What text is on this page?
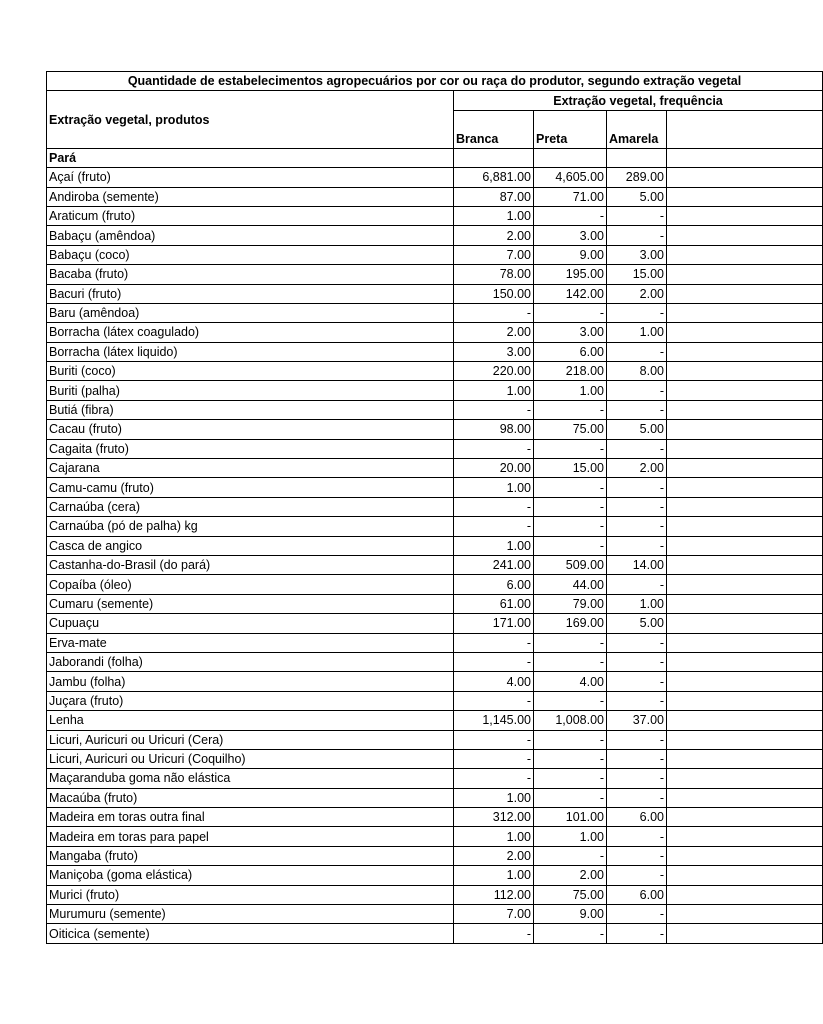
Quantidade de estabelecimentos agropecuários por cor ou raça do produtor, segundo extração vegetal				
Extração vegetal, produtos	Extração vegetal, frequência			
	Branca	Preta	Amarela	
Pará				
Açaí (fruto)	6,881.00	4,605.00	289.00	
Andiroba (semente)	87.00	71.00	5.00	
Araticum (fruto)	1.00	-	-	
Babaçu (amêndoa)	2.00	3.00	-	
Babaçu (coco)	7.00	9.00	3.00	
Bacaba (fruto)	78.00	195.00	15.00	
Bacuri (fruto)	150.00	142.00	2.00	
Baru (amêndoa)	-	-	-	
Borracha (látex coagulado)	2.00	3.00	1.00	
Borracha (látex liquido)	3.00	6.00	-	
Buriti (coco)	220.00	218.00	8.00	
Buriti (palha)	1.00	1.00	-	
Butiá (fibra)	-	-	-	
Cacau (fruto)	98.00	75.00	5.00	
Cagaita (fruto)	-	-	-	
Cajarana	20.00	15.00	2.00	
Camu-camu (fruto)	1.00	-	-	
Carnaúba (cera)	-	-	-	
Carnaúba (pó de palha) kg	-	-	-	
Casca de angico	1.00	-	-	
Castanha-do-Brasil (do pará)	241.00	509.00	14.00	
Copaíba (óleo)	6.00	44.00	-	
Cumaru (semente)	61.00	79.00	1.00	
Cupuaçu	171.00	169.00	5.00	
Erva-mate	-	-	-	
Jaborandi (folha)	-	-	-	
Jambu (folha)	4.00	4.00	-	
Juçara (fruto)	-	-	-	
Lenha	1,145.00	1,008.00	37.00	
Licuri, Auricuri ou Uricuri (Cera)	-	-	-	
Licuri, Auricuri ou Uricuri (Coquilho)	-	-	-	
Maçaranduba goma não elástica	-	-	-	
Macaúba (fruto)	1.00	-	-	
Madeira em toras outra final	312.00	101.00	6.00	
Madeira em toras para papel	1.00	1.00	-	
Mangaba (fruto)	2.00	-	-	
Maniçoba (goma elástica)	1.00	2.00	-	
Murici (fruto)	112.00	75.00	6.00	
Murumuru (semente)	7.00	9.00	-	
Oiticica (semente)	-	-	-	
